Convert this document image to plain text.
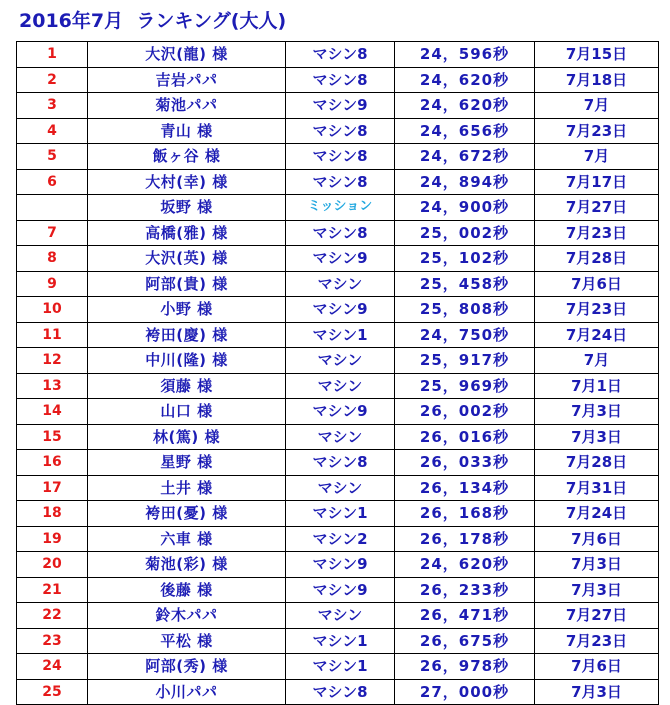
2016年7月  ランキング(大人)
1	大沢(龍) 様	マシン8	24，596秒	7月15日
2	吉岩パパ	マシン8	24，620秒	7月18日
3	菊池パパ	マシン9	24，620秒	7月
4	青山 様	マシン8	24，656秒	7月23日
5	飯ヶ谷 様	マシン8	24，672秒	7月
6	大村(幸) 様	マシン8	24，894秒	7月17日
	坂野 様	ミッション	24，900秒	7月27日
7	高橋(雅) 様	マシン8	25，002秒	7月23日
8	大沢(英) 様	マシン9	25，102秒	7月28日
9	阿部(貴) 様	マシン	25，458秒	7月6日
10	小野 様	マシン9	25，808秒	7月23日
11	袴田(慶) 様	マシン1	24，750秒	7月24日
12	中川(隆) 様	マシン	25，917秒	7月
13	須藤 様	マシン	25，969秒	7月1日
14	山口 様	マシン9	26，002秒	7月3日
15	林(篤) 様	マシン	26，016秒	7月3日
16	星野 様	マシン8	26，033秒	7月28日
17	土井 様	マシン	26，134秒	7月31日
18	袴田(憂) 様	マシン1	26，168秒	7月24日
19	六車 様	マシン2	26，178秒	7月6日
20	菊池(彩) 様	マシン9	24，620秒	7月3日
21	後藤 様	マシン9	26，233秒	7月3日
22	鈴木パパ	マシン	26，471秒	7月27日
23	平松 様	マシン1	26，675秒	7月23日
24	阿部(秀) 様	マシン1	26，978秒	7月6日
25	小川パパ	マシン8	27，000秒	7月3日
